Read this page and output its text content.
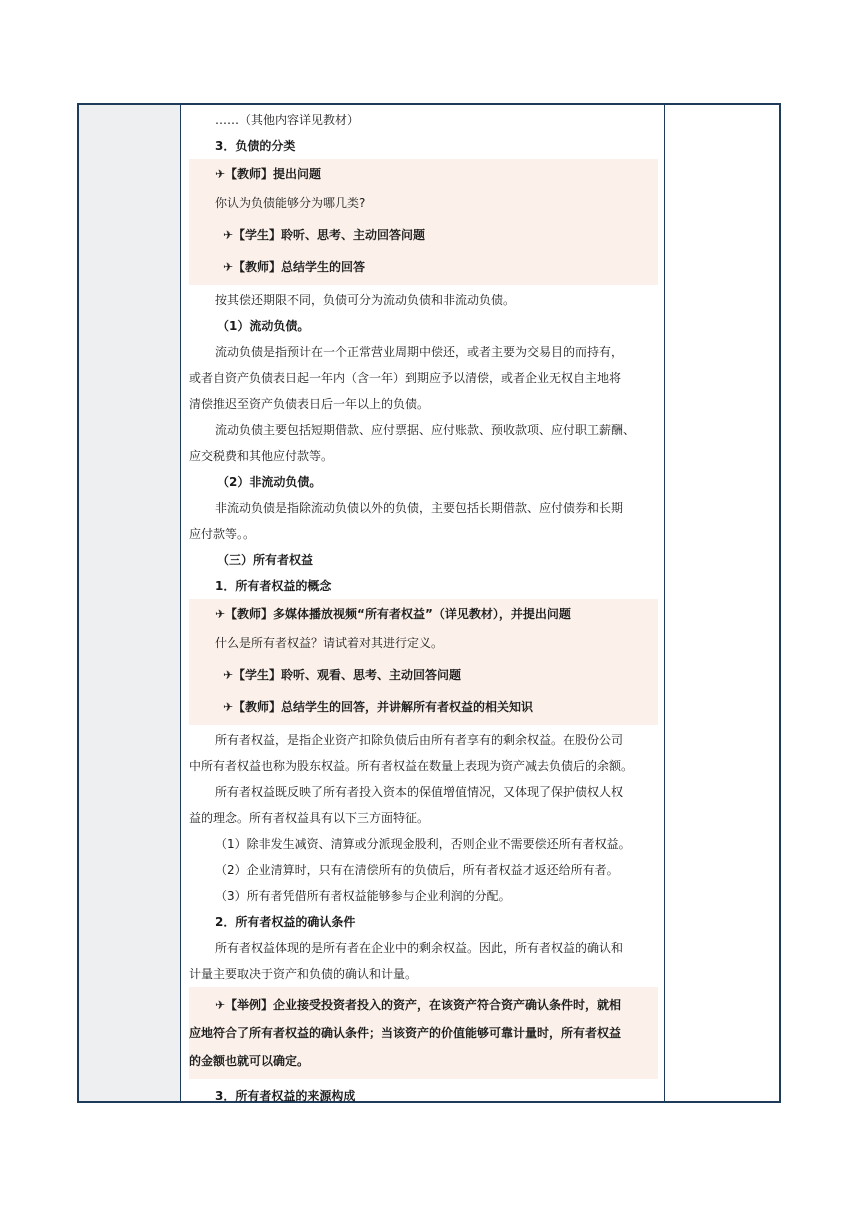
……（其他内容详见教材）
3．负债的分类
✈【教师】提出问题
你认为负债能够分为哪几类?
✈【学生】聆听、思考、主动回答问题
✈【教师】总结学生的回答
按其偿还期限不同，负债可分为流动负债和非流动负债。
（1）流动负债。
流动负债是指预计在一个正常营业周期中偿还，或者主要为交易目的而持有，
或者自资产负债表日起一年内（含一年）到期应予以清偿，或者企业无权自主地将
清偿推迟至资产负债表日后一年以上的负债。
流动负债主要包括短期借款、应付票据、应付账款、预收款项、应付职工薪酬、
应交税费和其他应付款等。
（2）非流动负债。
非流动负债是指除流动负债以外的负债，主要包括长期借款、应付债券和长期
应付款等。。
（三）所有者权益
1．所有者权益的概念
✈【教师】多媒体播放视频“所有者权益”（详见教材），并提出问题
什么是所有者权益？请试着对其进行定义。
✈【学生】聆听、观看、思考、主动回答问题
✈【教师】总结学生的回答，并讲解所有者权益的相关知识
所有者权益，是指企业资产扣除负债后由所有者享有的剩余权益。在股份公司
中所有者权益也称为股东权益。所有者权益在数量上表现为资产减去负债后的余额。
所有者权益既反映了所有者投入资本的保值增值情况，又体现了保护债权人权
益的理念。所有者权益具有以下三方面特征。
（1）除非发生减资、清算或分派现金股利，否则企业不需要偿还所有者权益。
（2）企业清算时，只有在清偿所有的负债后，所有者权益才返还给所有者。
（3）所有者凭借所有者权益能够参与企业利润的分配。
2．所有者权益的确认条件
所有者权益体现的是所有者在企业中的剩余权益。因此，所有者权益的确认和
计量主要取决于资产和负债的确认和计量。
✈【举例】企业接受投资者投入的资产，在该资产符合资产确认条件时，就相
应地符合了所有者权益的确认条件；当该资产的价值能够可靠计量时，所有者权益
的金额也就可以确定。
3．所有者权益的来源构成
